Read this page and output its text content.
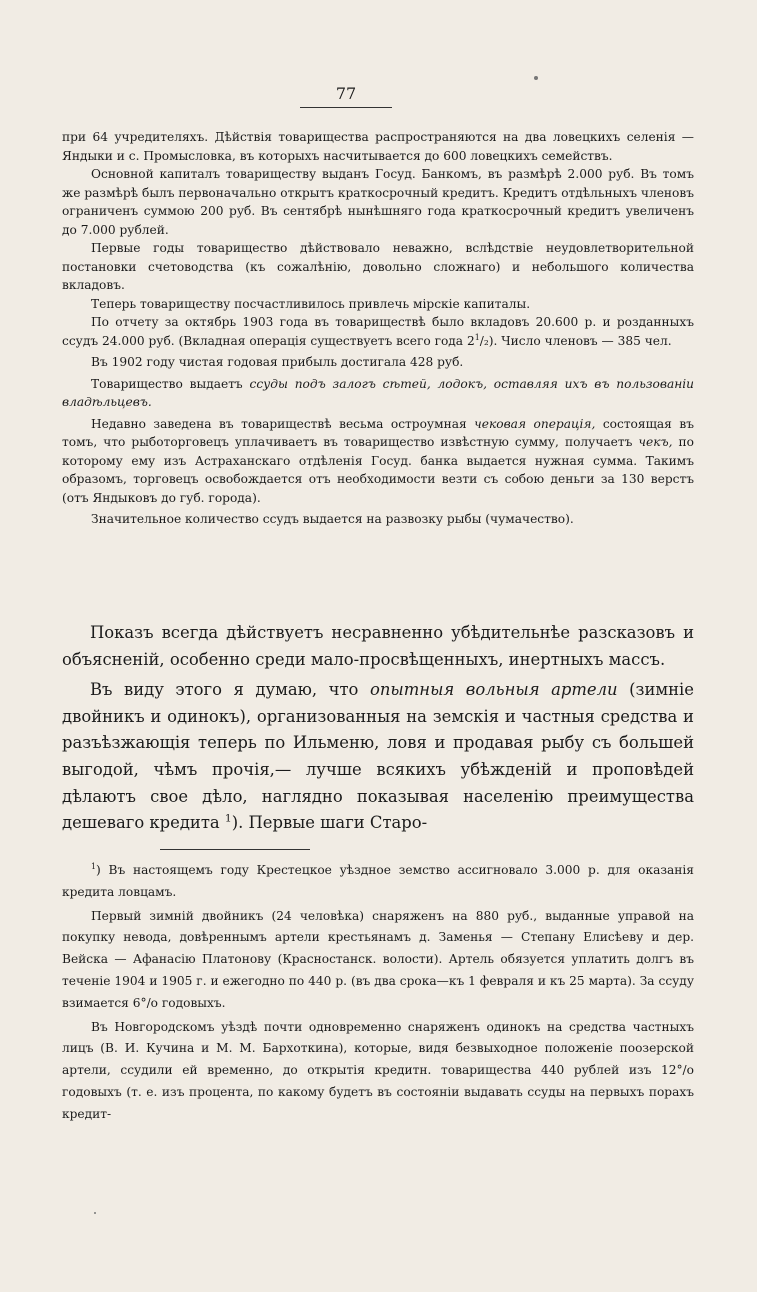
77

при 64 учредителяхъ. Дѣйствія товарищества распространяются на два ловецкихъ селенія — Яндыки и с. Промысловка, въ которыхъ насчитывается до 600 ловецкихъ семействъ.

Основной капиталъ товариществу выданъ Госуд. Банкомъ, въ размѣрѣ 2.000 руб. Въ томъ же размѣрѣ былъ первоначально открытъ краткосрочный кредитъ. Кредитъ отдѣльныхъ членовъ ограниченъ суммою 200 руб. Въ сентябрѣ нынѣшняго года краткосрочный кредитъ увеличенъ до 7.000 рублей.

Первые годы товарищество дѣйствовало неважно, вслѣдствіе неудовлетворительной постановки счетоводства (къ сожалѣнію, довольно сложнаго) и небольшого количества вкладовъ.

Теперь товариществу посчастливилось привлечь мірскіе капиталы.

По отчету за октябрь 1903 года въ товариществѣ было вкладовъ 20.600 р. и розданныхъ ссудъ 24.000 руб. (Вкладная операція существуетъ всего года $2^1/_2$). Число членовъ — 385 чел.

Въ 1902 году чистая годовая прибыль достигала 428 руб.

Товарищество выдаетъ ссуды подъ залогъ сѣтей, лодокъ, оставляя ихъ въ пользованіи владѣльцевъ.

Недавно заведена въ товариществѣ весьма остроумная чековая операція, состоящая въ томъ, что рыботорговецъ уплачиваетъ въ товарищество извѣстную сумму, получаетъ чекъ, по которому ему изъ Астраханскаго отдѣленія Госуд. банка выдается нужная сумма. Такимъ образомъ, торговецъ освобождается отъ необходимости везти съ собою деньги за 130 верстъ (отъ Яндыковъ до губ. города).

Значительное количество ссудъ выдается на развозку рыбы (чумачество).

Показъ всегда дѣйствуетъ несравненно убѣдительнѣе разсказовъ и объясненій, особенно среди мало-просвѣщенныхъ, инертныхъ массъ.

Въ виду этого я думаю, что опытныя вольныя артели (зимніе двойникъ и одинокъ), организованныя на земскія и частныя средства и разъѣзжающія теперь по Ильменю, ловя и продавая рыбу съ большей выгодой, чѣмъ прочія,— лучше всякихъ убѣжденій и проповѣдей дѣлаютъ свое дѣло, наглядно показывая населенію преимущества дешеваго кредита $^1$). Первые шаги Старо-

$^1$) Въ настоящемъ году Крестецкое уѣздное земство ассигновало 3.000 р. для оказанія кредита ловцамъ.

Первый зимній двойникъ (24 человѣка) снаряженъ на 880 руб., выданные управой на покупку невода, довѣреннымъ артели крестьянамъ д. Заменья — Степану Елисѣеву и дер. Вейска — Афанасію Платонову (Красностанск. волости). Артель обязуется уплатить долгъ въ теченіе 1904 и 1905 г. и ежегодно по 440 р. (въ два срока—къ 1 февраля и къ 25 марта). За ссуду взимается 6°/о годовыхъ.

Въ Новгородскомъ уѣздѣ почти одновременно снаряженъ одинокъ на средства частныхъ лицъ (В. И. Кучина и М. М. Бархоткина), которые, видя безвыходное положеніе поозерской артели, ссудили ей временно, до открытія кредитн. товарищества 440 рублей изъ 12°/о годовыхъ (т. е. изъ процента, по какому будетъ въ состояніи выдавать ссуды на первыхъ порахъ кредит-
